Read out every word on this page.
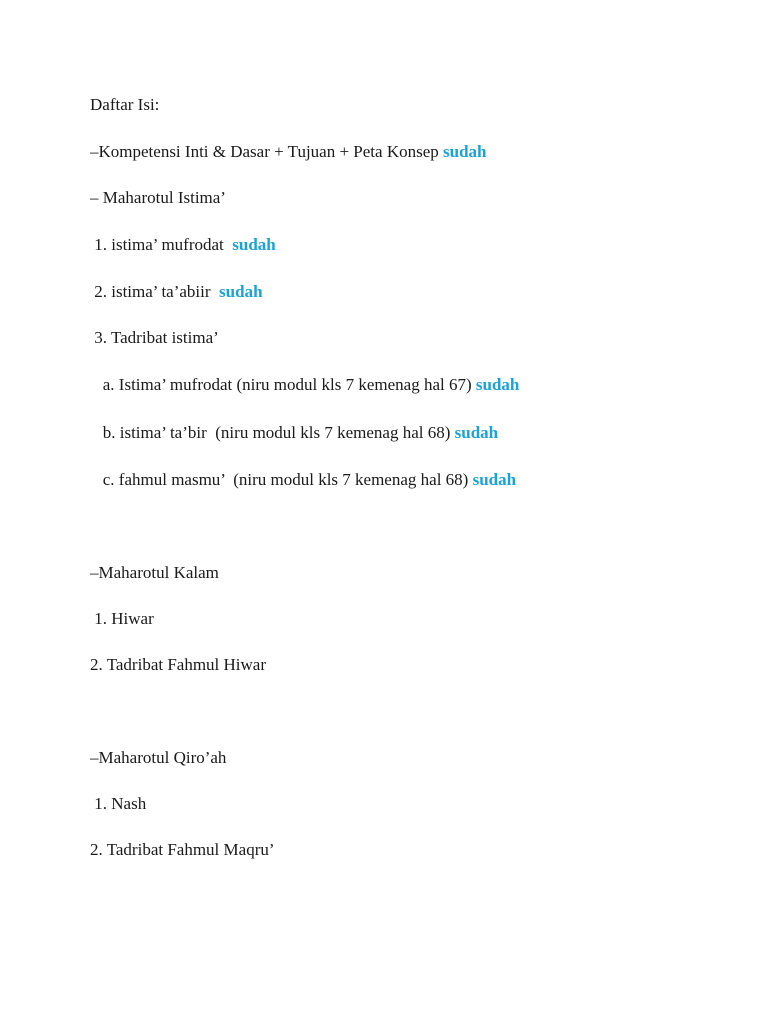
Daftar Isi:
–Kompetensi Inti & Dasar + Tujuan + Peta Konsep sudah
– Maharotul Istima’
1. istima’ mufrodat  sudah
2. istima’ ta’abiir  sudah
3. Tadribat istima’
a. Istima’ mufrodat (niru modul kls 7 kemenag hal 67) sudah
b. istima’ ta’bir  (niru modul kls 7 kemenag hal 68) sudah
c. fahmul masmu’  (niru modul kls 7 kemenag hal 68) sudah
–Maharotul Kalam
1. Hiwar
2. Tadribat Fahmul Hiwar
–Maharotul Qiro’ah
1. Nash
2. Tadribat Fahmul Maqru’
